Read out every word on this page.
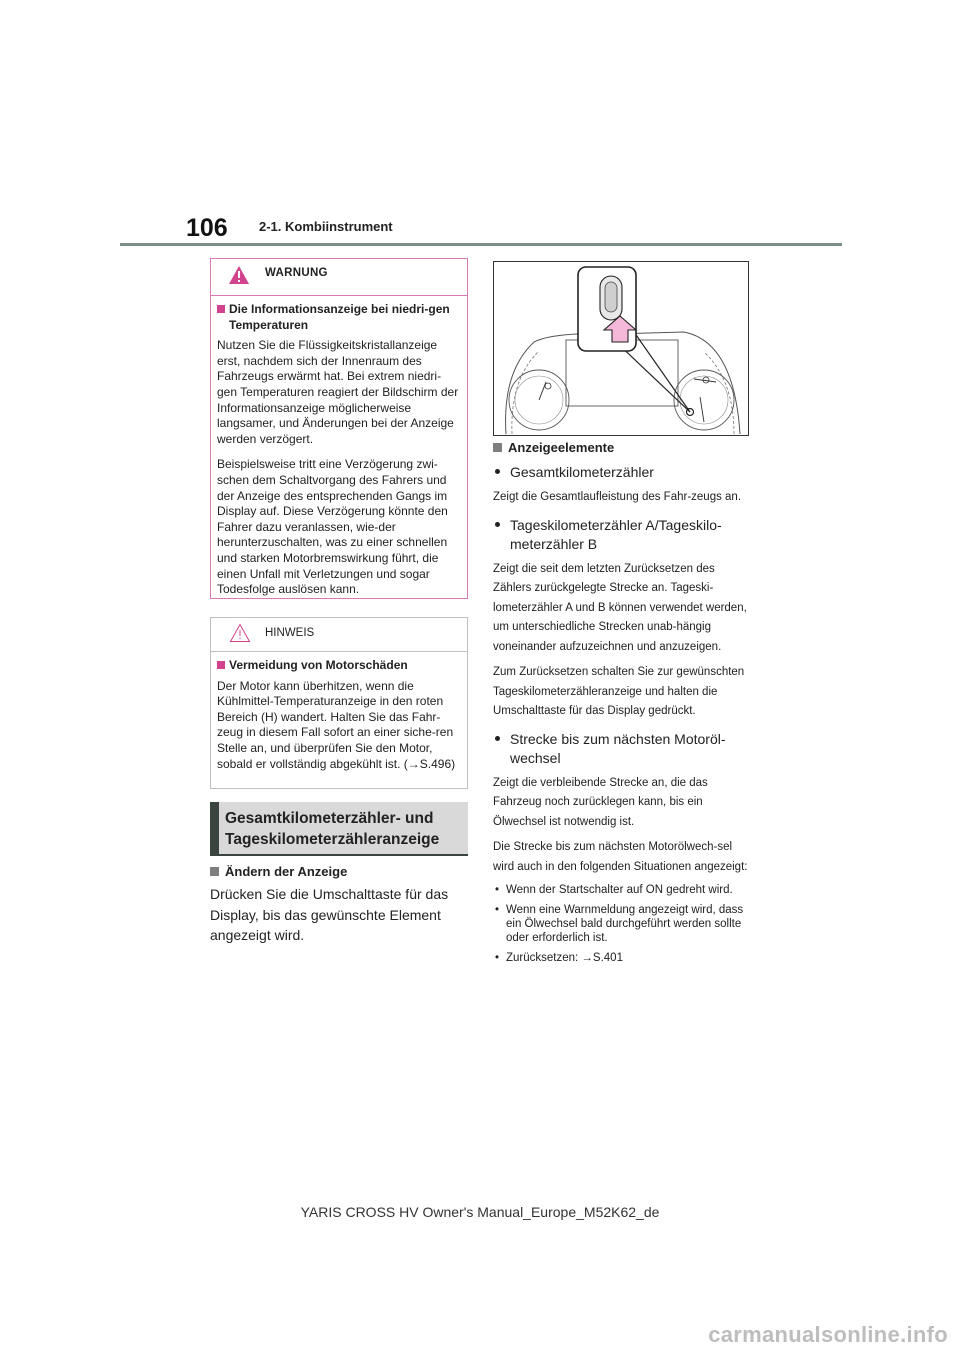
106 2-1. Kombiinstrument
WARNUNG
Die Informationsanzeige bei niedri-gen Temperaturen

Nutzen Sie die Flüssigkeitskristallanzeige erst, nachdem sich der Innenraum des Fahrzeugs erwärmt hat. Bei extrem niedri-gen Temperaturen reagiert der Bildschirm der Informationsanzeige möglicherweise langsamer, und Änderungen bei der Anzeige werden verzögert.

Beispielsweise tritt eine Verzögerung zwi-schen dem Schaltvorgang des Fahrers und der Anzeige des entsprechenden Gangs im Display auf. Diese Verzögerung könnte den Fahrer dazu veranlassen, wie-der herunterzuschalten, was zu einer schnellen und starken Motorbremswirkung führt, die einen Unfall mit Verletzungen und sogar Todesfolge auslösen kann.

HINWEIS
Vermeidung von Motorschäden

Der Motor kann überhitzen, wenn die Kühlmittel-Temperaturanzeige in den roten Bereich (H) wandert. Halten Sie das Fahr-zeug in diesem Fall sofort an einer siche-ren Stelle an, und überprüfen Sie den Motor, sobald er vollständig abgekühlt ist. (→S.496)

Gesamtkilometerzähler- und
Tageskilometerzähleranzeige
Ändern der Anzeige
Drücken Sie die Umschalttaste für das Display, bis das gewünschte Element angezeigt wird.
Anzeigeelemente
Gesamtkilometerzähler

Zeigt die Gesamtlaufleistung des Fahr-zeugs an.

Tageskilometerzähler A/Tageskilo-meterzähler B

Zeigt die seit dem letzten Zurücksetzen des Zählers zurückgelegte Strecke an. Tageski-lometerzähler A und B können verwendet werden, um unterschiedliche Strecken unab-hängig voneinander aufzuzeichnen und anzuzeigen.

Zum Zurücksetzen schalten Sie zur gewünschten Tageskilometerzähleranzeige und halten die Umschalttaste für das Display gedrückt.

Strecke bis zum nächsten Motoröl-wechsel

Zeigt die verbleibende Strecke an, die das Fahrzeug noch zurücklegen kann, bis ein Ölwechsel ist notwendig ist.

Die Strecke bis zum nächsten Motorölwech-sel wird auch in den folgenden Situationen angezeigt:

• Wenn der Startschalter auf ON gedreht wird.
• Wenn eine Warnmeldung angezeigt wird, dass ein Ölwechsel bald durchgeführt werden sollte oder erforderlich ist.
• Zurücksetzen: →S.401
YARIS CROSS HV Owner's Manual_Europe_M52K62_de
carmanualsonline.info
